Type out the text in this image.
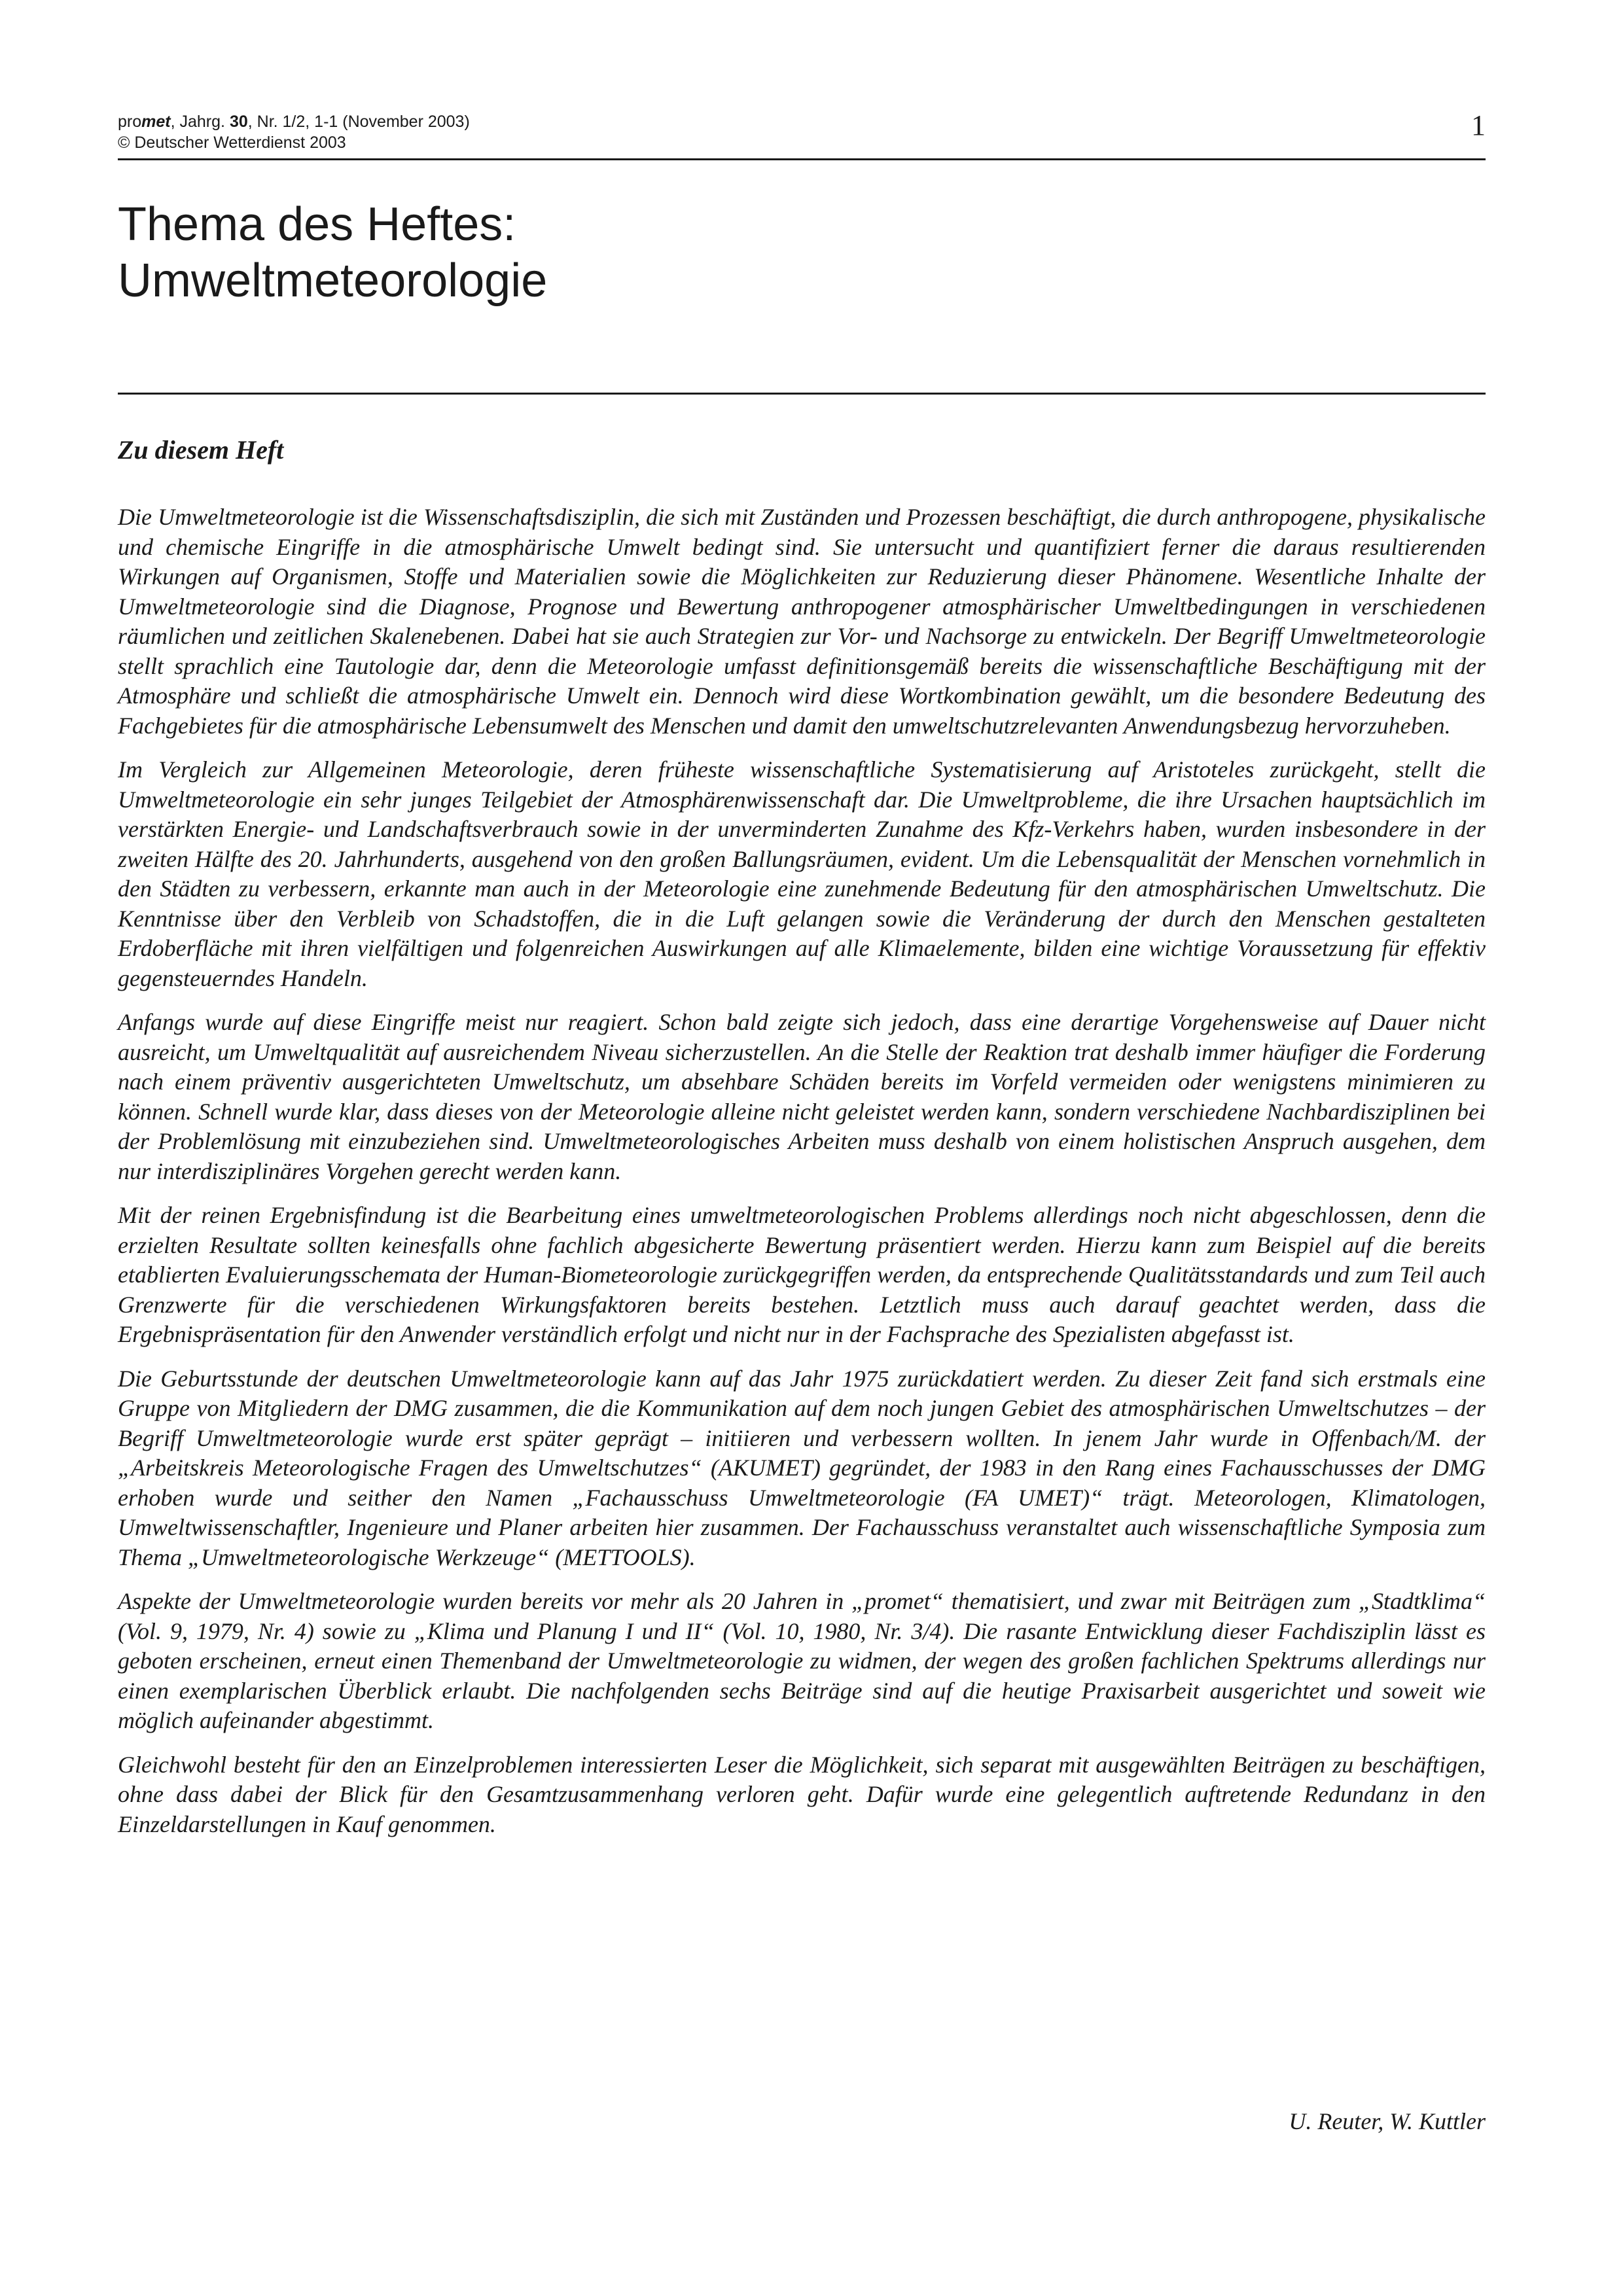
promet, Jahrg. 30, Nr. 1/2, 1-1 (November 2003)
© Deutscher Wetterdienst 2003
1
Thema des Heftes:
Umweltmeteorologie
Zu diesem Heft

Die Umweltmeteorologie ist die Wissenschaftsdisziplin, die sich mit Zuständen und Prozessen beschäftigt, die durch anthropogene, physikalische und chemische Eingriffe in die atmosphärische Umwelt bedingt sind. Sie untersucht und quantifiziert ferner die daraus resultierenden Wirkungen auf Organismen, Stoffe und Materialien sowie die Möglichkeiten zur Reduzierung dieser Phänomene. Wesentliche Inhalte der Umweltmeteorologie sind die Diagnose, Prognose und Bewertung anthropogener atmosphärischer Umweltbedingungen in verschiedenen räumlichen und zeitlichen Skalenebenen. Dabei hat sie auch Strategien zur Vor- und Nachsorge zu entwickeln. Der Begriff Umweltmeteorologie stellt sprachlich eine Tautologie dar, denn die Meteorologie umfasst definitionsgemäß bereits die wissenschaftliche Beschäftigung mit der Atmosphäre und schließt die atmosphärische Umwelt ein. Dennoch wird diese Wortkombination gewählt, um die besondere Bedeutung des Fachgebietes für die atmosphärische Lebensumwelt des Menschen und damit den umweltschutzrelevanten Anwendungsbezug hervorzuheben.

Im Vergleich zur Allgemeinen Meteorologie, deren früheste wissenschaftliche Systematisierung auf Aristoteles zurückgeht, stellt die Umweltmeteorologie ein sehr junges Teilgebiet der Atmosphärenwissenschaft dar. Die Umweltprobleme, die ihre Ursachen hauptsächlich im verstärkten Energie- und Landschaftsverbrauch sowie in der unverminderten Zunahme des Kfz-Verkehrs haben, wurden insbesondere in der zweiten Hälfte des 20. Jahrhunderts, ausgehend von den großen Ballungsräumen, evident. Um die Lebensqualität der Menschen vornehmlich in den Städten zu verbessern, erkannte man auch in der Meteorologie eine zunehmende Bedeutung für den atmosphärischen Umweltschutz. Die Kenntnisse über den Verbleib von Schadstoffen, die in die Luft gelangen sowie die Veränderung der durch den Menschen gestalteten Erdoberfläche mit ihren vielfältigen und folgenreichen Auswirkungen auf alle Klimaelemente, bilden eine wichtige Voraussetzung für effektiv gegensteuerndes Handeln.

Anfangs wurde auf diese Eingriffe meist nur reagiert. Schon bald zeigte sich jedoch, dass eine derartige Vorgehensweise auf Dauer nicht ausreicht, um Umweltqualität auf ausreichendem Niveau sicherzustellen. An die Stelle der Reaktion trat deshalb immer häufiger die Forderung nach einem präventiv ausgerichteten Umweltschutz, um absehbare Schäden bereits im Vorfeld vermeiden oder wenigstens minimieren zu können. Schnell wurde klar, dass dieses von der Meteorologie alleine nicht geleistet werden kann, sondern verschiedene Nachbardisziplinen bei der Problemlösung mit einzubeziehen sind. Umweltmeteorologisches Arbeiten muss deshalb von einem holistischen Anspruch ausgehen, dem nur interdisziplinäres Vorgehen gerecht werden kann.

Mit der reinen Ergebnisfindung ist die Bearbeitung eines umweltmeteorologischen Problems allerdings noch nicht abgeschlossen, denn die erzielten Resultate sollten keinesfalls ohne fachlich abgesicherte Bewertung präsentiert werden. Hierzu kann zum Beispiel auf die bereits etablierten Evaluierungsschemata der Human-Biometeorologie zurückgegriffen werden, da entsprechende Qualitätsstandards und zum Teil auch Grenzwerte für die verschiedenen Wirkungsfaktoren bereits bestehen. Letztlich muss auch darauf geachtet werden, dass die Ergebnispräsentation für den Anwender verständlich erfolgt und nicht nur in der Fachsprache des Spezialisten abgefasst ist.

Die Geburtsstunde der deutschen Umweltmeteorologie kann auf das Jahr 1975 zurückdatiert werden. Zu dieser Zeit fand sich erstmals eine Gruppe von Mitgliedern der DMG zusammen, die die Kommunikation auf dem noch jungen Gebiet des atmosphärischen Umweltschutzes – der Begriff Umweltmeteorologie wurde erst später geprägt – initiieren und verbessern wollten. In jenem Jahr wurde in Offenbach/M. der „Arbeitskreis Meteorologische Fragen des Umweltschutzes“ (AKUMET) gegründet, der 1983 in den Rang eines Fachausschusses der DMG erhoben wurde und seither den Namen „Fachausschuss Umweltmeteorologie (FA UMET)“ trägt. Meteorologen, Klimatologen, Umweltwissenschaftler, Ingenieure und Planer arbeiten hier zusammen. Der Fachausschuss veranstaltet auch wissenschaftliche Symposia zum Thema „Umweltmeteorologische Werkzeuge“ (METTOOLS).

Aspekte der Umweltmeteorologie wurden bereits vor mehr als 20 Jahren in „promet“ thematisiert, und zwar mit Beiträgen zum „Stadtklima“ (Vol. 9, 1979, Nr. 4) sowie zu „Klima und Planung I und II“ (Vol. 10, 1980, Nr. 3/4). Die rasante Entwicklung dieser Fachdisziplin lässt es geboten erscheinen, erneut einen Themenband der Umweltmeteorologie zu widmen, der wegen des großen fachlichen Spektrums allerdings nur einen exemplarischen Überblick erlaubt. Die nachfolgenden sechs Beiträge sind auf die heutige Praxisarbeit ausgerichtet und soweit wie möglich aufeinander abgestimmt.

Gleichwohl besteht für den an Einzelproblemen interessierten Leser die Möglichkeit, sich separat mit ausgewählten Beiträgen zu beschäftigen, ohne dass dabei der Blick für den Gesamtzusammenhang verloren geht. Dafür wurde eine gelegentlich auftretende Redundanz in den Einzeldarstellungen in Kauf genommen.

U. Reuter, W. Kuttler
